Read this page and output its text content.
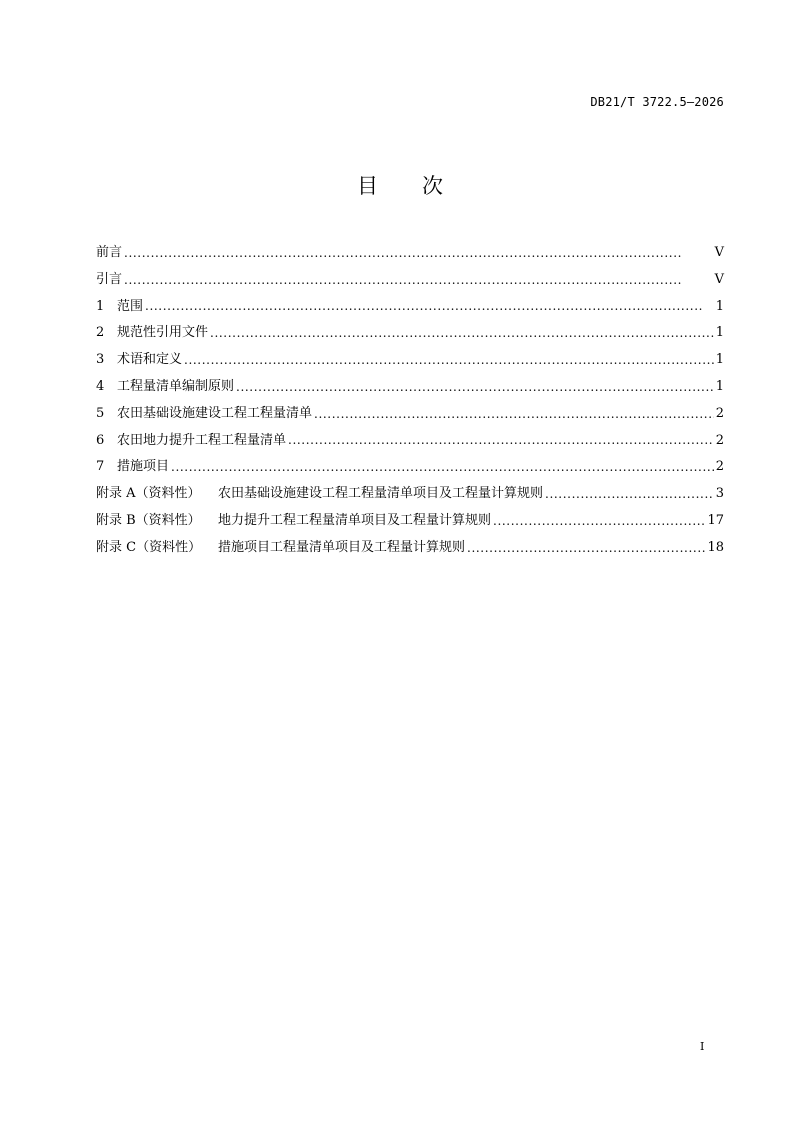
DB21/T 3722.5—2026
目次
前言 . . .	V
引言 . . .	V
1 范围 . . .	1
2 规范性引用文件 . . .	1
3 术语和定义 . . .	1
4 工程量清单编制原则 . . .	1
5 农田基础设施建设工程工程量清单 . . .	2
6 农田地力提升工程工程量清单 . . .	2
7 措施项目 . . .	2
附录 A（资料性）	农田基础设施建设工程工程量清单项目及工程量计算规则 . . .	3
附录 B（资料性）	地力提升工程工程量清单项目及工程量计算规则 . . .	17
附录 C（资料性）	措施项目工程量清单项目及工程量计算规则 . . .	18
I
